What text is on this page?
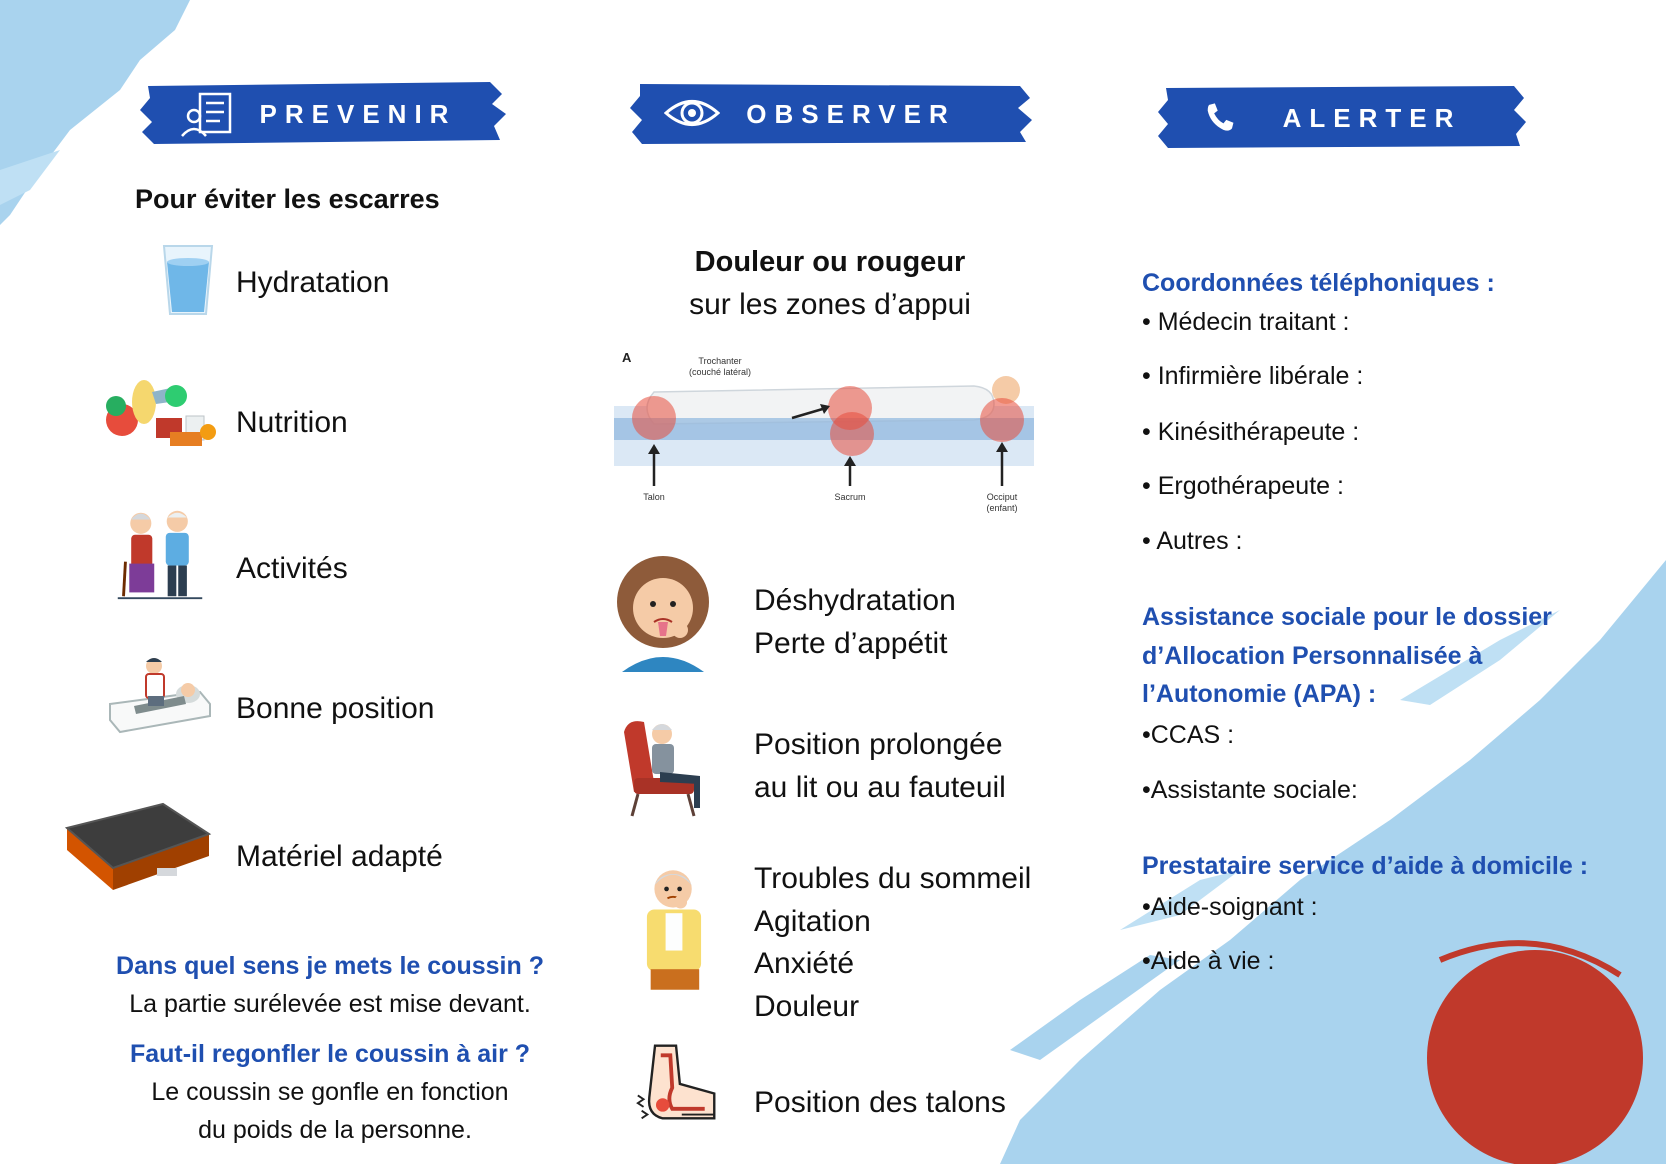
PREVENIR	OBSERVER	ALERTER
Pour éviter les escarres
Hydratation
Nutrition
Activités
Bonne position
Matériel adapté
Dans quel sens je mets le coussin ?
La partie surélevée est mise devant.
Faut-il regonfler le coussin à air ?
Le coussin se gonfle en fonction
du poids de la personne.
Douleur ou rougeur
sur les zones d’appui
A	Trochanter
(couché latéral)
Talon	Sacrum	Occiput
(enfant)
Déshydratation
Perte d’appétit
Position prolongée
au lit ou au fauteuil
Troubles du sommeil
Agitation
Anxiété
Douleur
Position des talons
Coordonnées téléphoniques :
• Médecin traitant :
• Infirmière libérale :
• Kinésithérapeute :
• Ergothérapeute :
• Autres :
Assistance sociale pour le dossier
d’Allocation Personnalisée à
l’Autonomie (APA) :
•CCAS :
•Assistante sociale:
Prestataire service d’aide à domicile :
•Aide-soignant :
•Aide à vie :
